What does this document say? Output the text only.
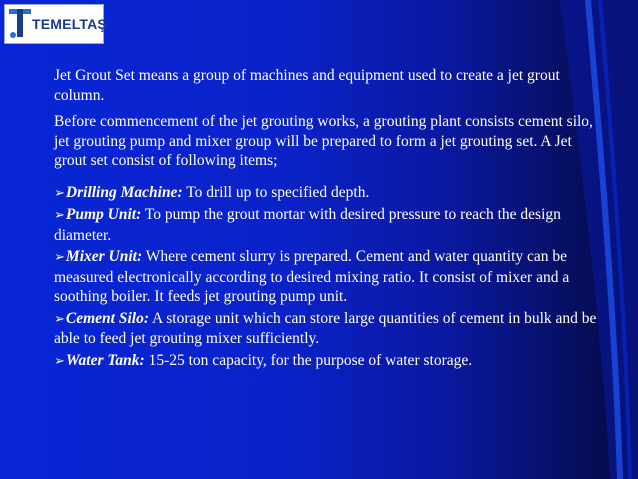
TEMELTAŞ

Jet Grout Set means a group of machines and equipment used to create a jet grout column.

Before commencement of the jet grouting works, a grouting plant consists cement silo, jet grouting pump and mixer group will be prepared to form a jet grouting set. A Jet grout set consist of following items;

➢Drilling Machine: To drill up to specified depth.
➢Pump Unit: To pump the grout mortar with desired pressure to reach the design diameter.
➢Mixer Unit: Where cement slurry is prepared. Cement and water quantity can be measured electronically according to desired mixing ratio. It consist of mixer and a soothing boiler. It feeds jet grouting pump unit.
➢Cement Silo: A storage unit which can store large quantities of cement in bulk and be able to feed jet grouting mixer sufficiently.
➢Water Tank: 15-25 ton capacity, for the purpose of water storage.
